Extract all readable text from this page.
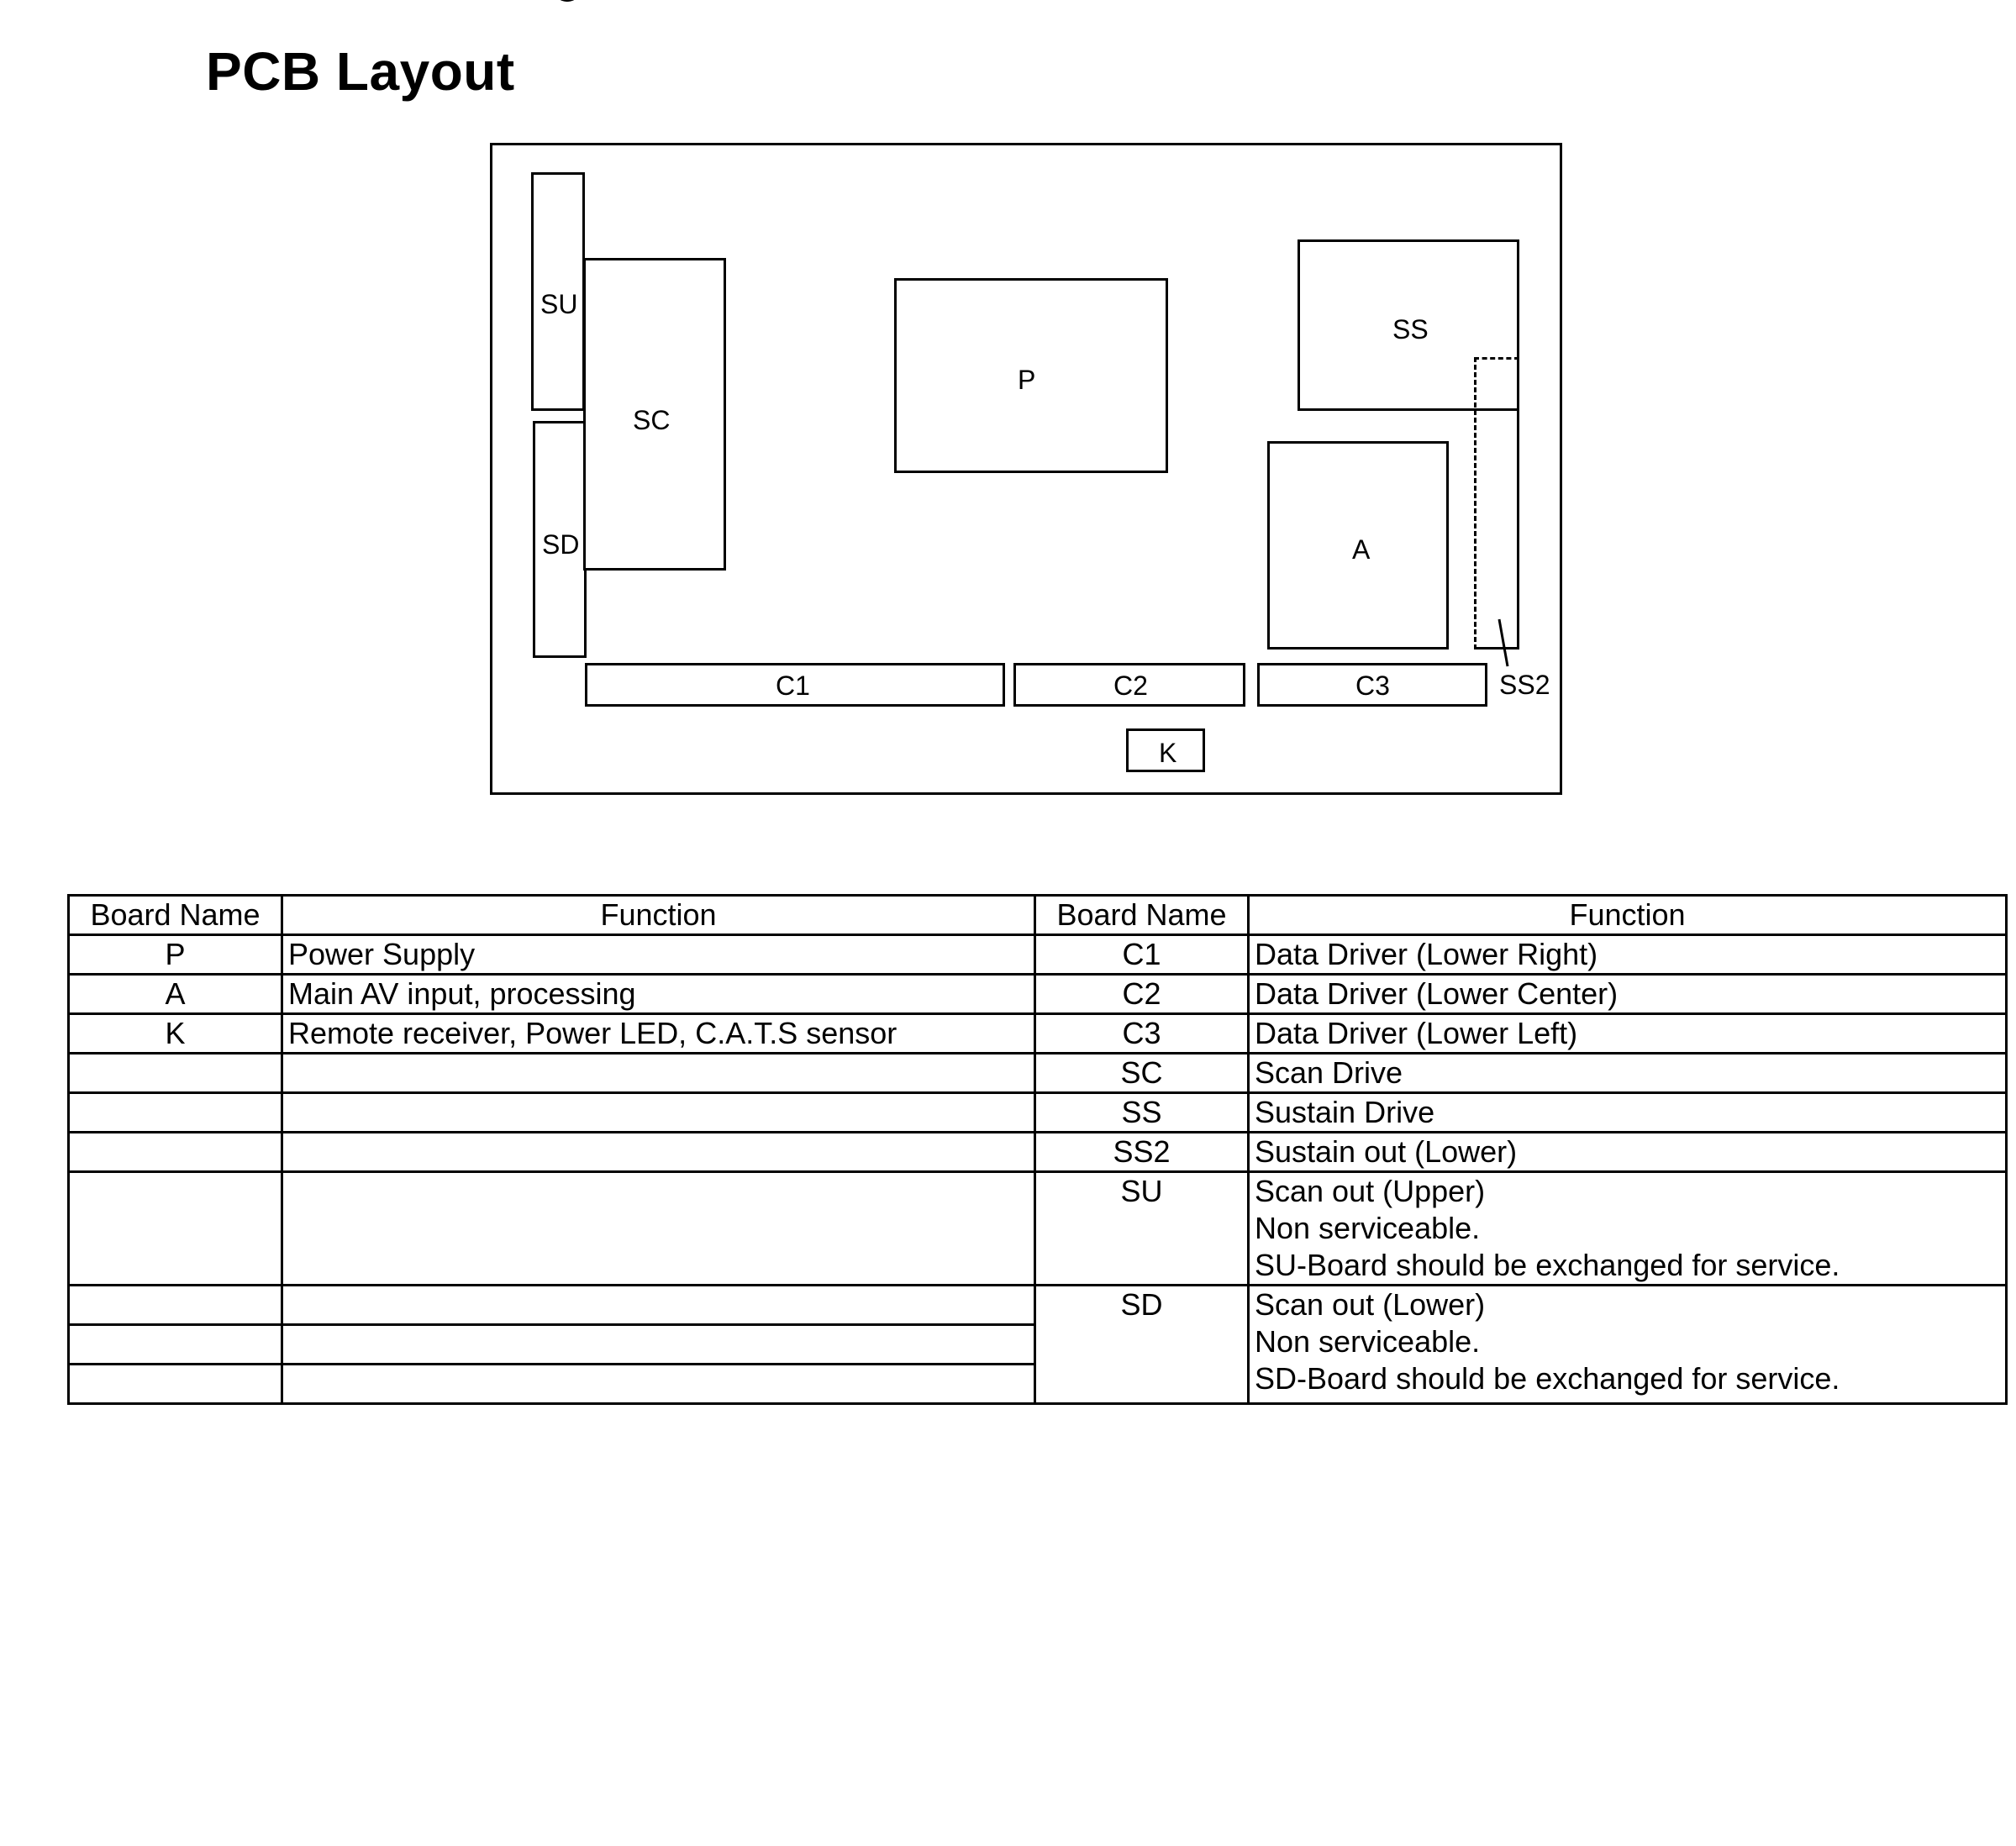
PCB Layout
SU
SD
SC
P
SS
A
C1	C2	C3
K
SS2
Board Name	Function	Board Name	Function
P	Power Supply	C1	Data Driver (Lower Right)
A	Main AV input, processing	C2	Data Driver (Lower Center)
K	Remote receiver, Power LED, C.A.T.S sensor	C3	Data Driver (Lower Left)
		SC	Scan Drive
		SS	Sustain Drive
		SS2	Sustain out (Lower)
		SU	Scan out (Upper)
Non serviceable.
SU-Board should be exchanged for service.

		SD	Scan out (Lower)
Non serviceable.
SD-Board should be exchanged for service.
